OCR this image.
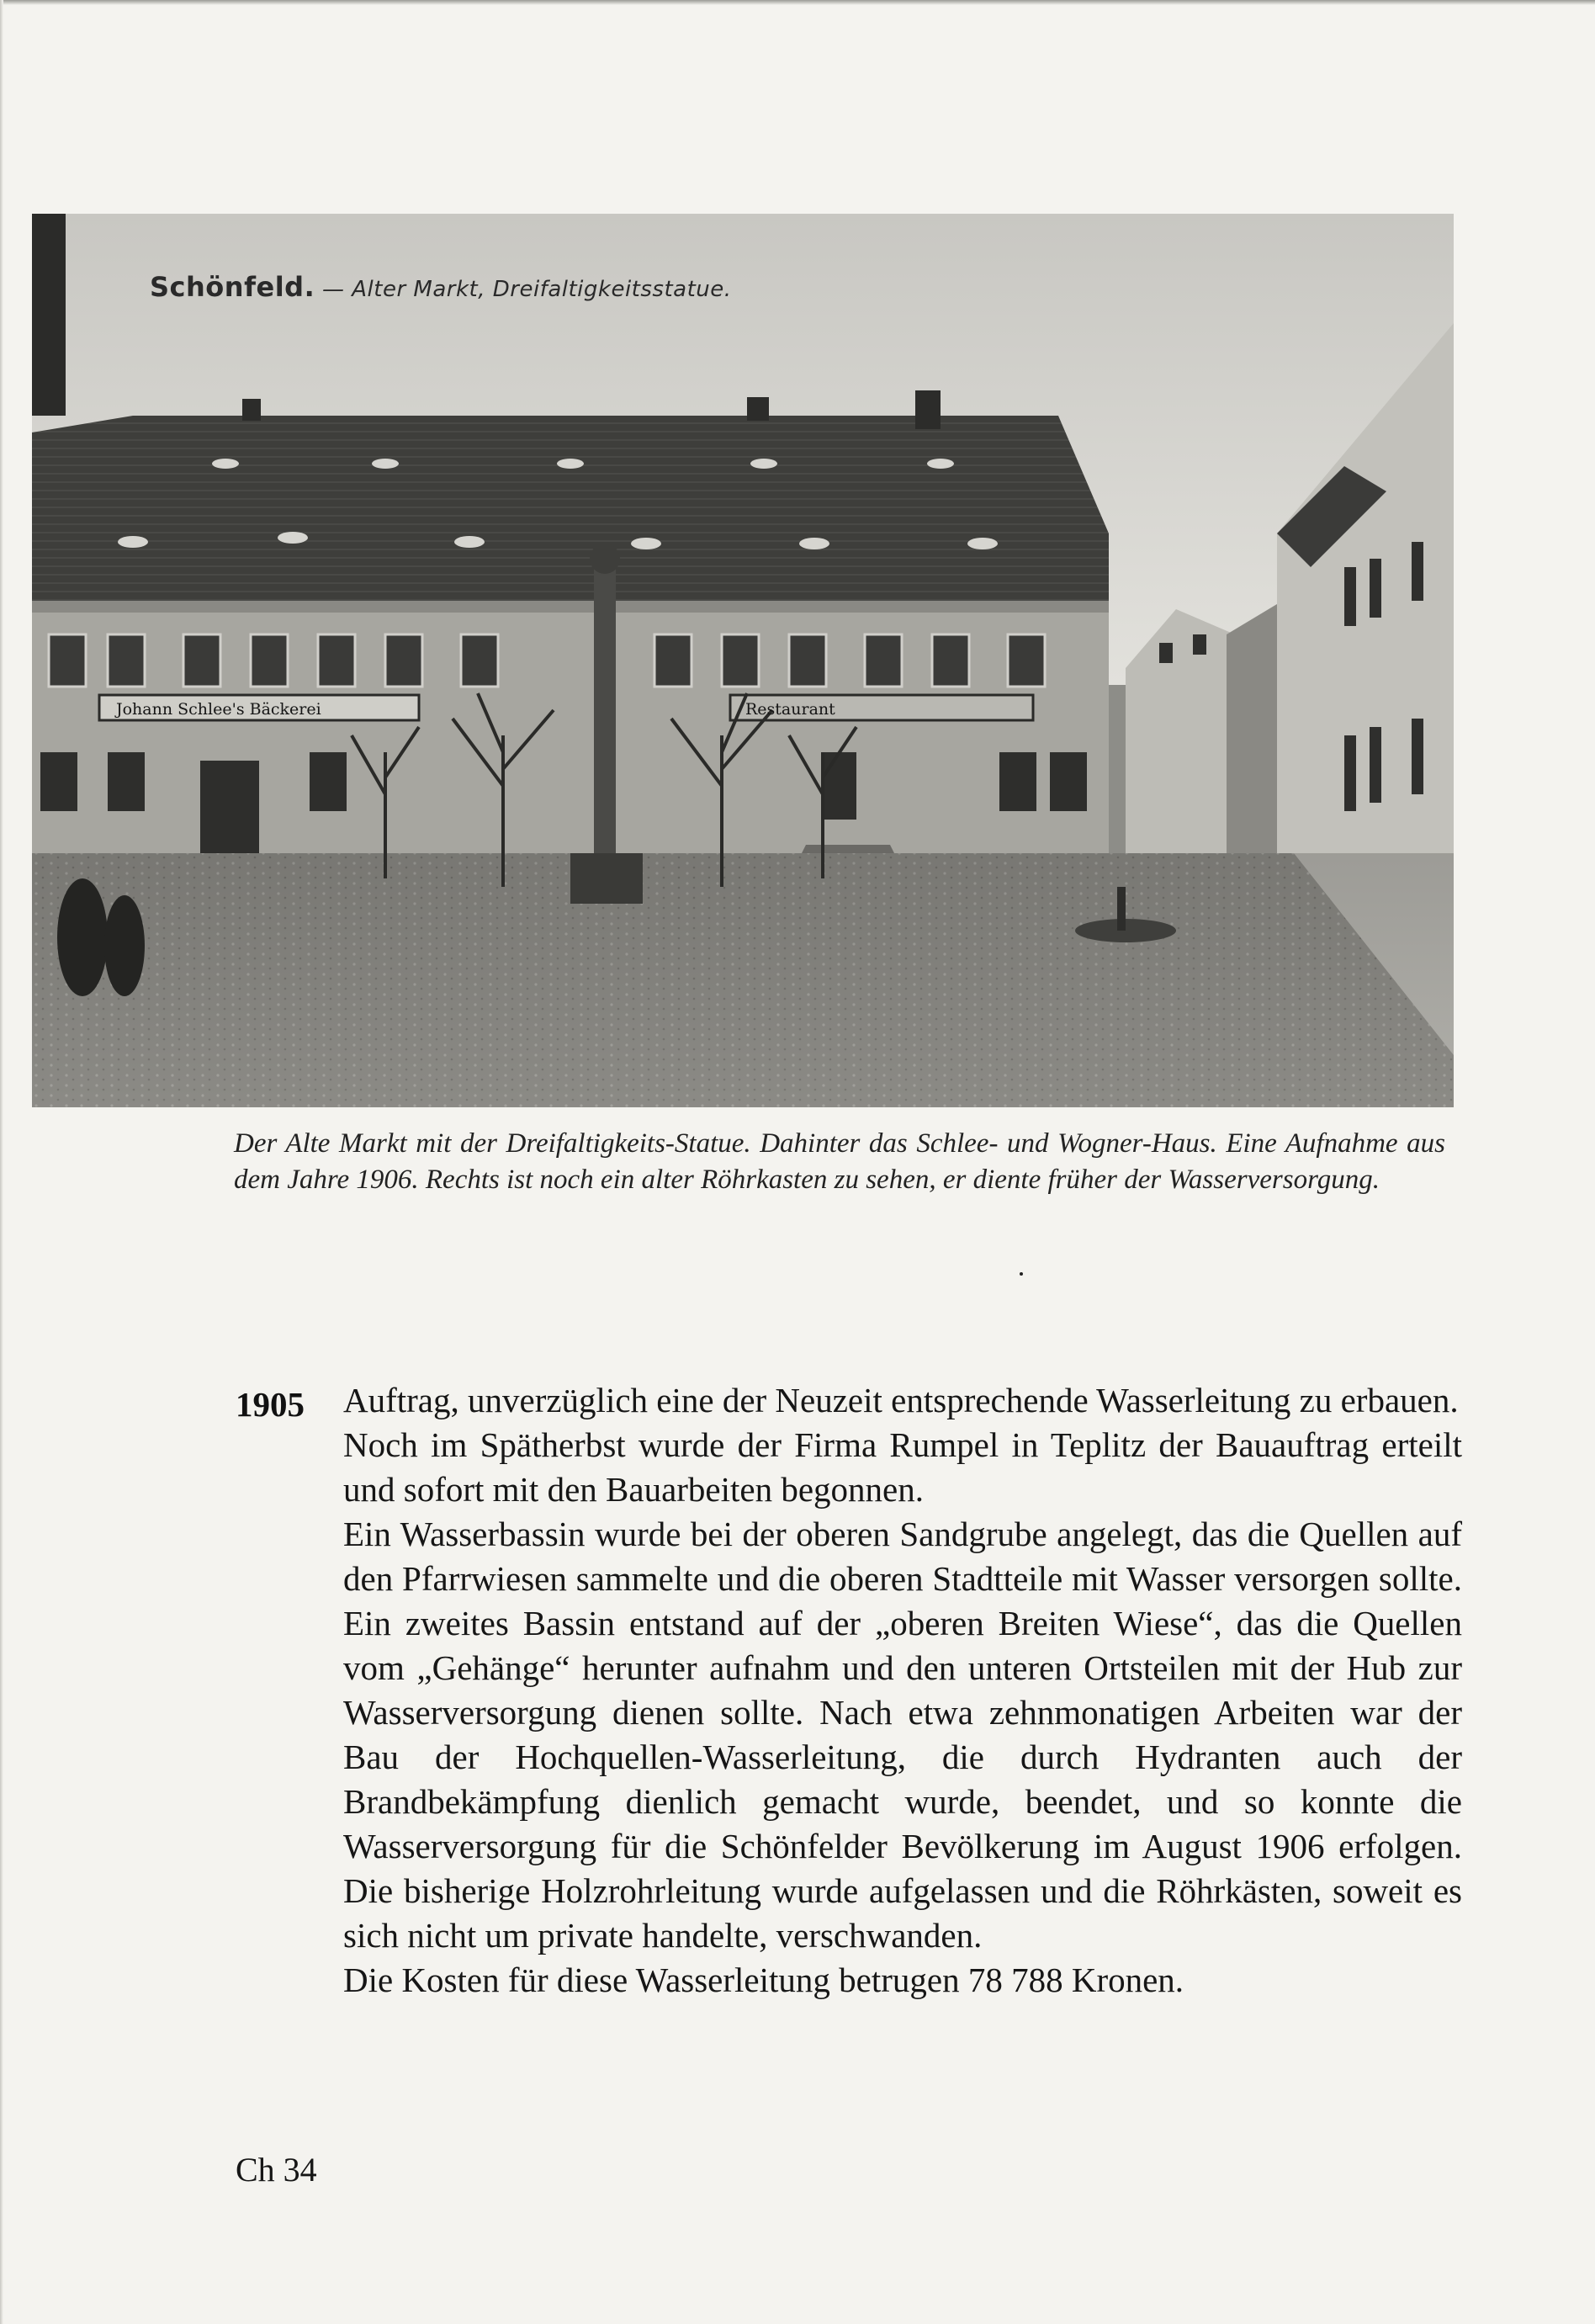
Schönfeld. — Alter Markt, Dreifaltigkeitsstatue.
Johann Schlee's Bäckerei	Restaurant
Der Alte Markt mit der Dreifaltigkeits-Statue. Dahinter das Schlee- und Wogner-Haus. Eine Aufnahme aus dem Jahre 1906. Rechts ist noch ein alter Röhrkasten zu sehen, er diente früher der Wasserversorgung.
1905 Auftrag, unverzüglich eine der Neuzeit entsprechende Wasserleitung zu erbauen.

Noch im Spätherbst wurde der Firma Rumpel in Teplitz der Bauauftrag erteilt und sofort mit den Bauarbeiten begonnen.

Ein Wasserbassin wurde bei der oberen Sandgrube angelegt, das die Quellen auf den Pfarrwiesen sammelte und die oberen Stadtteile mit Wasser versorgen sollte. Ein zweites Bassin entstand auf der „oberen Breiten Wiese“, das die Quellen vom „Gehänge“ herunter aufnahm und den unteren Ortsteilen mit der Hub zur Wasserversorgung dienen sollte. Nach etwa zehnmonatigen Arbeiten war der Bau der Hochquellen-Wasserleitung, die durch Hydranten auch der Brandbekämpfung dienlich gemacht wurde, beendet, und so konnte die Wasserversorgung für die Schönfelder Bevölkerung im August 1906 erfolgen. Die bisherige Holzrohrleitung wurde aufgelassen und die Röhrkästen, soweit es sich nicht um private handelte, verschwanden.

Die Kosten für diese Wasserleitung betrugen 78 788 Kronen.

Ch 34
